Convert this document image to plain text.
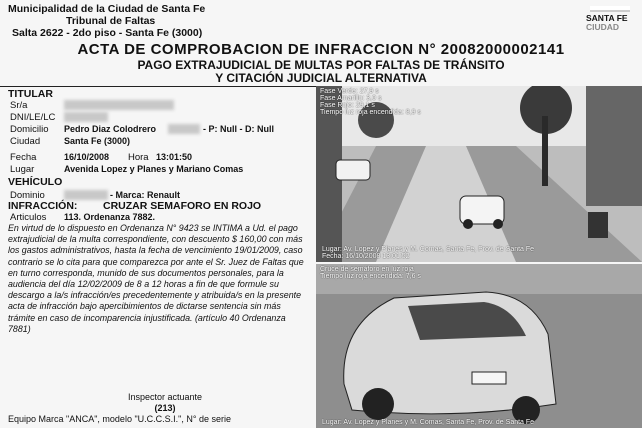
Municipalidad de la Ciudad de Santa Fe
Tribunal de Faltas
Salta 2622 - 2do piso - Santa Fe (3000)
SANTA FE
CIUDAD
ACTA DE COMPROBACION DE INFRACCION N° 20082000002141
PAGO EXTRAJUDICIAL DE MULTAS POR FALTAS DE TRÁNSITO
Y CITACIÓN JUDICIAL ALTERNATIVA
TITULAR
Sr/a
DNI/LE/LC
Domicilio Pedro Diaz Colodrero	- P: Null - D: Null
Ciudad	Santa Fe (3000)
Fecha	16/10/2008 Hora 13:01:50
Lugar	Avenida Lopez y Planes y Mariano Comas
VEHÍCULO
Dominio	- Marca: Renault
INFRACCIÓN: CRUZAR SEMAFORO EN ROJO
Articulos 113. Ordenanza 7882.
En virtud de lo dispuesto en Ordenanza N° 9423 se INTIMA a Ud. el pago extrajudicial de la multa correspondiente, con descuento $ 160,00 con más los gastos administrativos, hasta la fecha de vencimiento 19/01/2009, caso contrario se lo cita para que comparezca por ante el Sr. Juez de Faltas que en turno corresponda, munido de sus documentos personales, para la audiencia del día 12/02/2009 de 8 a 12 horas a fin de que formule su descargo a la/s infracción/es precedentemente y atribuida/s en la presente acta de infracción bajo apercibimientos de dictarse sentencia sin más trámite en caso de incomparencia injustificada. (artículo 40 Ordenanza 7881)
Inspector actuante
(213)
Equipo Marca "ANCA", modelo "U.C.C.S.I.", N° de serie
Fase Verde: 27,9 s
Fase Amarillo: 3,0 s
Fase Rojo: 29,1 s
Tiempo luz roja encendida: 8,9 s
Lugar: Av. Lopez y Planes y M. Comas, Santa Fe, Prov. de Santa Fe
Fecha: 16/10/2008 13:01:52
Cruce de semáforo en luz roja
Tiempo luz roja encendida: 7,6 s
Lugar: Av. Lopez y Planes y M. Comas, Santa Fe, Prov. de Santa Fe
